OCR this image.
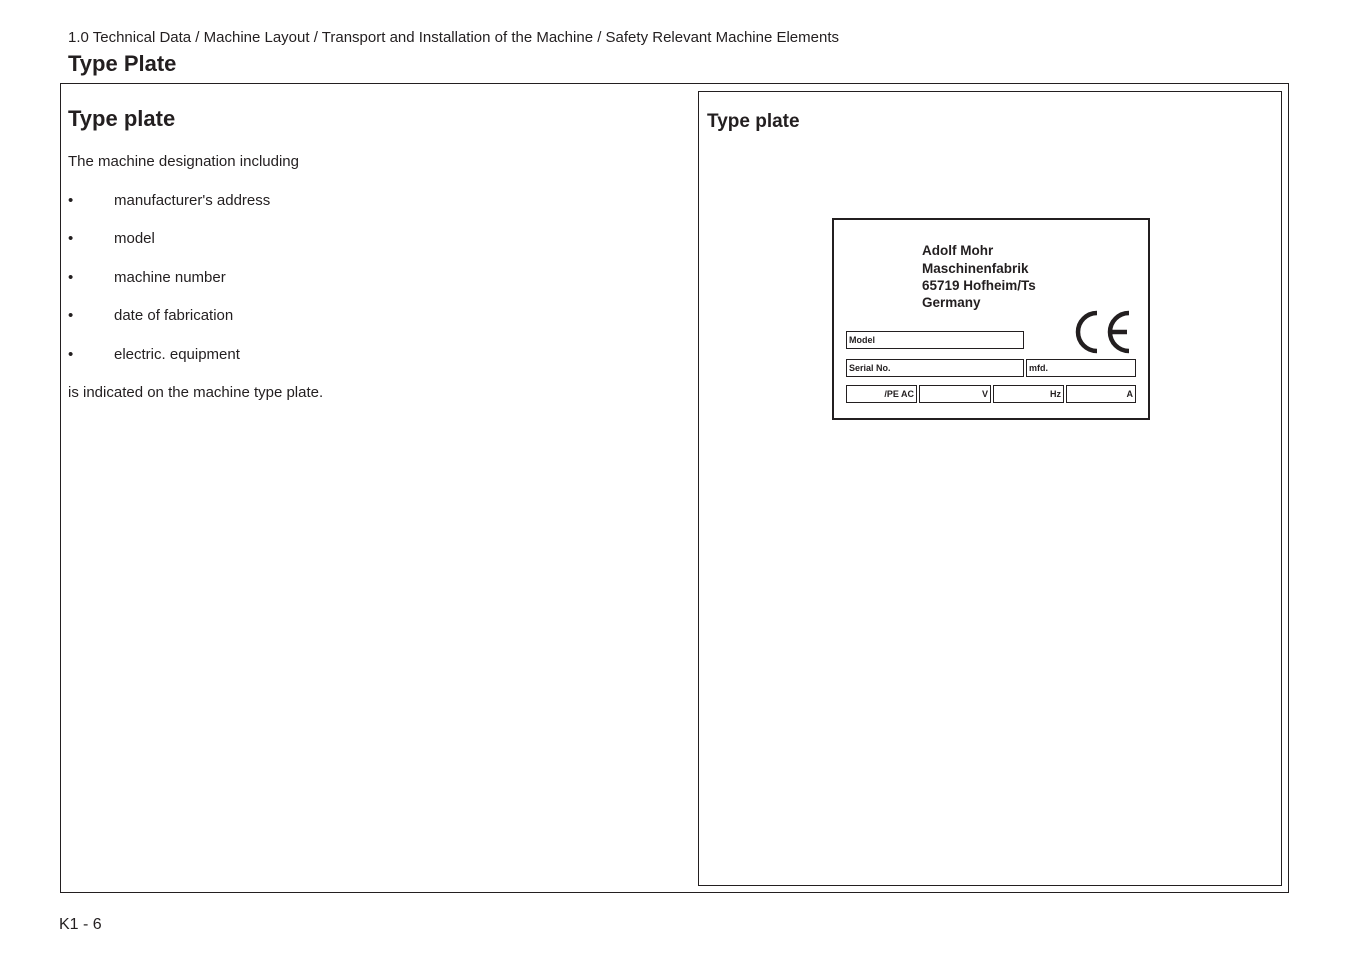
1.0 Technical Data / Machine Layout / Transport and Installation of the Machine / Safety Relevant Machine Elements
Type Plate
Type plate
The machine designation including
•	manufacturer's address
•	model
•	machine number
•	date of fabrication
•	electric. equipment
is indicated on the machine type plate.
Type plate
Adolf Mohr
Maschinenfabrik
65719 Hofheim/Ts
Germany
Model
Serial No.	mfd.
/PE AC	V	Hz	A
K1 - 6
